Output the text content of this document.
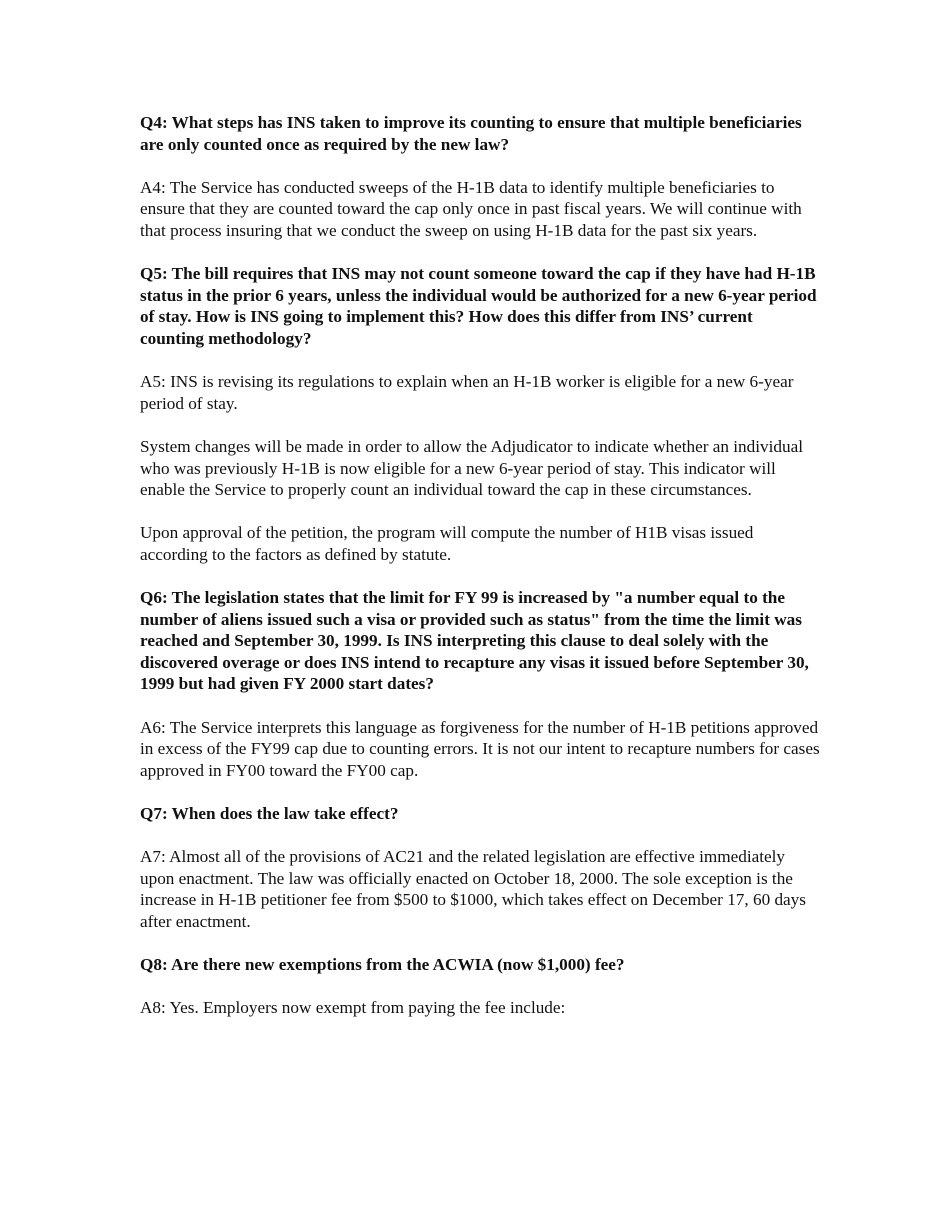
Q4: What steps has INS taken to improve its counting to ensure that multiple beneficiaries are only counted once as required by the new law?

A4: The Service has conducted sweeps of the H-1B data to identify multiple beneficiaries to ensure that they are counted toward the cap only once in past fiscal years. We will continue with that process insuring that we conduct the sweep on using H-1B data for the past six years.

Q5: The bill requires that INS may not count someone toward the cap if they have had H-1B status in the prior 6 years, unless the individual would be authorized for a new 6-year period of stay. How is INS going to implement this? How does this differ from INS’ current counting methodology?

A5: INS is revising its regulations to explain when an H-1B worker is eligible for a new 6-year period of stay.

System changes will be made in order to allow the Adjudicator to indicate whether an individual who was previously H-1B is now eligible for a new 6-year period of stay. This indicator will enable the Service to properly count an individual toward the cap in these circumstances.

Upon approval of the petition, the program will compute the number of H1B visas issued according to the factors as defined by statute.

Q6: The legislation states that the limit for FY 99 is increased by "a number equal to the number of aliens issued such a visa or provided such as status" from the time the limit was reached and September 30, 1999. Is INS interpreting this clause to deal solely with the discovered overage or does INS intend to recapture any visas it issued before September 30, 1999 but had given FY 2000 start dates?

A6: The Service interprets this language as forgiveness for the number of H-1B petitions approved in excess of the FY99 cap due to counting errors. It is not our intent to recapture numbers for cases approved in FY00 toward the FY00 cap.

Q7: When does the law take effect?

A7: Almost all of the provisions of AC21 and the related legislation are effective immediately upon enactment. The law was officially enacted on October 18, 2000. The sole exception is the increase in H-1B petitioner fee from $500 to $1000, which takes effect on December 17, 60 days after enactment.

Q8: Are there new exemptions from the ACWIA (now $1,000) fee?

A8: Yes. Employers now exempt from paying the fee include:
